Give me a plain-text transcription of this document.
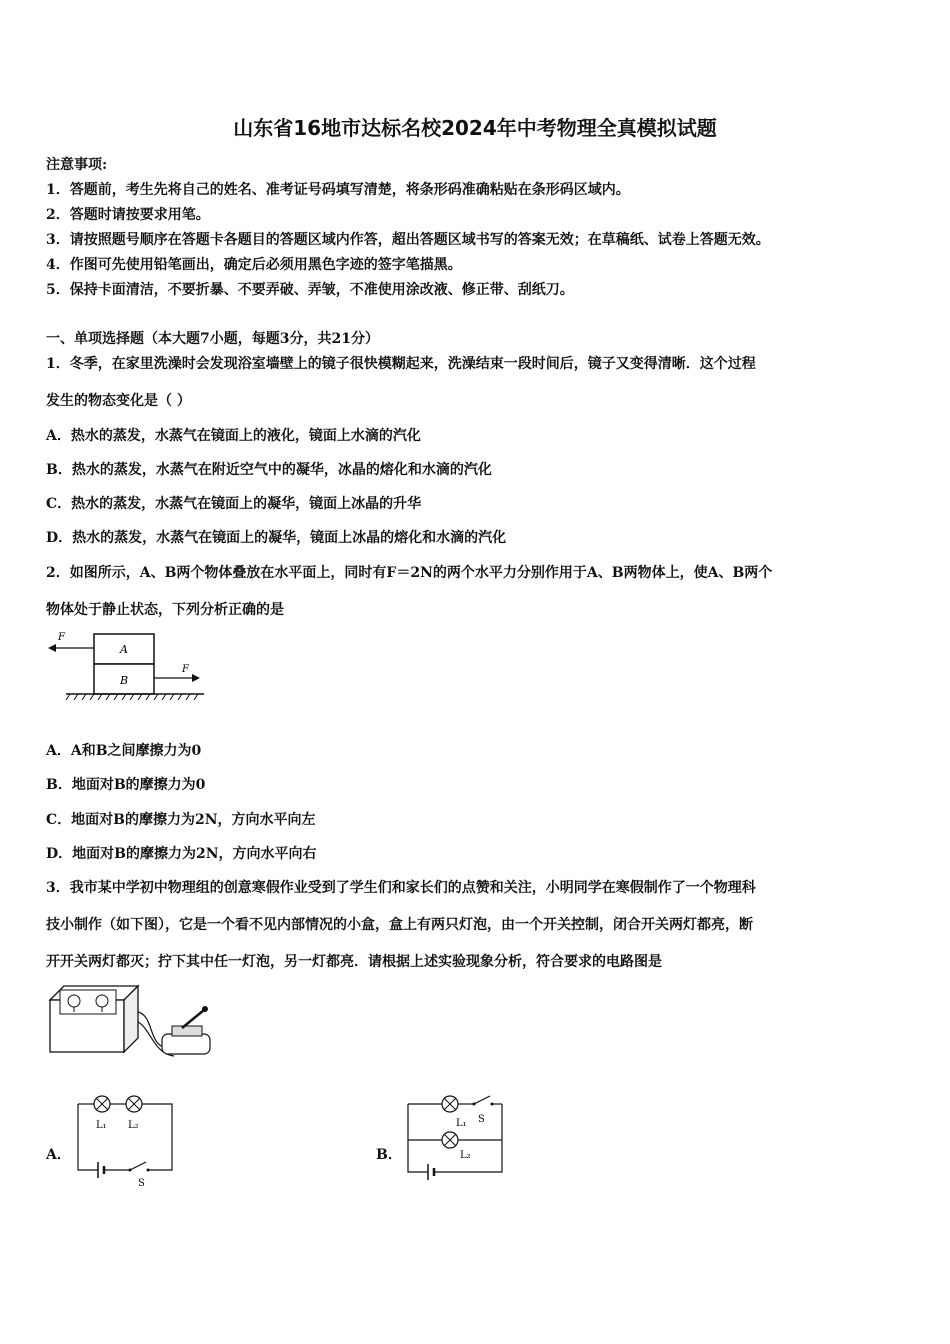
山东省16地市达标名校2024年中考物理全真模拟试题
注意事项:
1．答题前，考生先将自己的姓名、准考证号码填写清楚，将条形码准确粘贴在条形码区域内。
2．答题时请按要求用笔。
3．请按照题号顺序在答题卡各题目的答题区域内作答，超出答题区域书写的答案无效；在草稿纸、试卷上答题无效。
4．作图可先使用铅笔画出，确定后必须用黑色字迹的签字笔描黑。
5．保持卡面清洁，不要折暴、不要弄破、弄皱，不准使用涂改液、修正带、刮纸刀。
一、单项选择题（本大题7小题，每题3分，共21分）
1．冬季，在家里洗澡时会发现浴室墙壁上的镜子很快模糊起来，洗澡结束一段时间后，镜子又变得清晰．这个过程
发生的物态变化是（ ）
A．热水的蒸发，水蒸气在镜面上的液化，镜面上水滴的汽化
B．热水的蒸发，水蒸气在附近空气中的凝华，冰晶的熔化和水滴的汽化
C．热水的蒸发，水蒸气在镜面上的凝华，镜面上冰晶的升华
D．热水的蒸发，水蒸气在镜面上的凝华，镜面上冰晶的熔化和水滴的汽化
2．如图所示，A、B两个物体叠放在水平面上，同时有F＝2N的两个水平力分别作用于A、B两物体上，使A、B两个
物体处于静止状态，下列分析正确的是
A
B
F
F
A．A和B之间摩擦力为0
B．地面对B的摩擦力为0
C．地面对B的摩擦力为2N，方向水平向左
D．地面对B的摩擦力为2N，方向水平向右
3．我市某中学初中物理组的创意寒假作业受到了学生们和家长们的点赞和关注，小明同学在寒假制作了一个物理科
技小制作（如下图），它是一个看不见内部情况的小盒，盒上有两只灯泡，由一个开关控制，闭合开关两灯都亮，断
开开关两灯都灭；拧下其中任一灯泡，另一灯都亮．请根据上述实验现象分析，符合要求的电路图是
A．
L₁ L₂
S
B．
S
L₁
L₂
